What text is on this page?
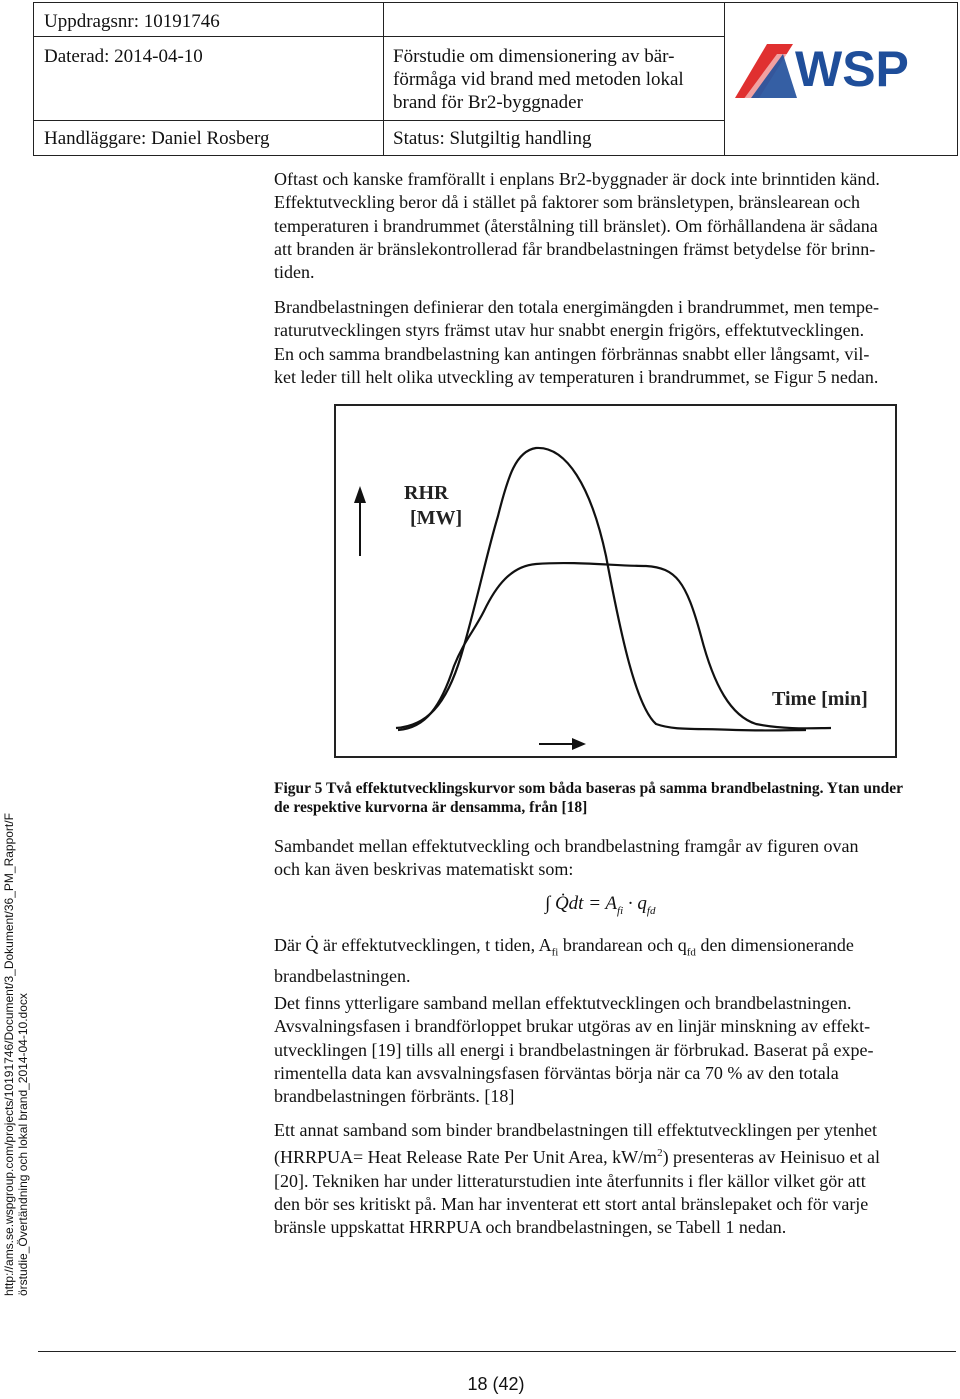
Uppdragsnr: 10191746
Daterad: 2014-04-10	Förstudie om dimensionering av bär-
förmåga vid brand med metoden lokal
brand för Br2-byggnader
Handläggare: Daniel Rosberg	Status: Slutgiltig handling
WSP
Oftast och kanske framförallt i enplans Br2-byggnader är dock inte brinntiden känd.
Effektutveckling beror då i stället på faktorer som bränsletypen, bränslearean och
temperaturen i brandrummet (återstålning till bränslet). Om förhållandena är sådana
att branden är bränslekontrollerad får brandbelastningen främst betydelse för brinn-
tiden.
Brandbelastningen definierar den totala energimängden i brandrummet, men tempe-
raturutvecklingen styrs främst utav hur snabbt energin frigörs, effektutvecklingen.
En och samma brandbelastning kan antingen förbrännas snabbt eller långsamt, vil-
ket leder till helt olika utveckling av temperaturen i brandrummet, se Figur 5 nedan.
RHR
[MW]
Time [min]
Figur 5 Två effektutvecklingskurvor som båda baseras på samma brandbelastning. Ytan under
de respektive kurvorna är densamma, från [18]
Sambandet mellan effektutveckling och brandbelastning framgår av figuren ovan
och kan även beskrivas matematiskt som:
∫ Q̇dt = $A_{fi} \cdot q_{fd}$
Där Q̇ är effektutvecklingen, t tiden, $A_{fi}$ brandarean och $q_{fd}$ den dimensionerande
brandbelastningen.
Det finns ytterligare samband mellan effektutvecklingen och brandbelastningen.
Avsvalningsfasen i brandförloppet brukar utgöras av en linjär minskning av effekt-
utvecklingen [19] tills all energi i brandbelastningen är förbrukad. Baserat på expe-
rimentella data kan avsvalningsfasen förväntas börja när ca 70 % av den totala
brandbelastningen förbränts. [18]
Ett annat samband som binder brandbelastningen till effektutvecklingen per ytenhet
(HRRPUA= Heat Release Rate Per Unit Area, $kW/m^2$) presenteras av Heinisuo et al
[20]. Tekniken har under litteraturstudien inte återfunnits i fler källor vilket gör att
den bör ses kritiskt på. Man har inventerat ett stort antal bränslepaket och för varje
bränsle uppskattat HRRPUA och brandbelastningen, se Tabell 1 nedan.
http://ams.se.wspgroup.com/projects/10191746/Document/3_Dokument/36_PM_Rapport/F örstudie_Övertändning och lokal brand_2014-04-10.docx
18 (42)
